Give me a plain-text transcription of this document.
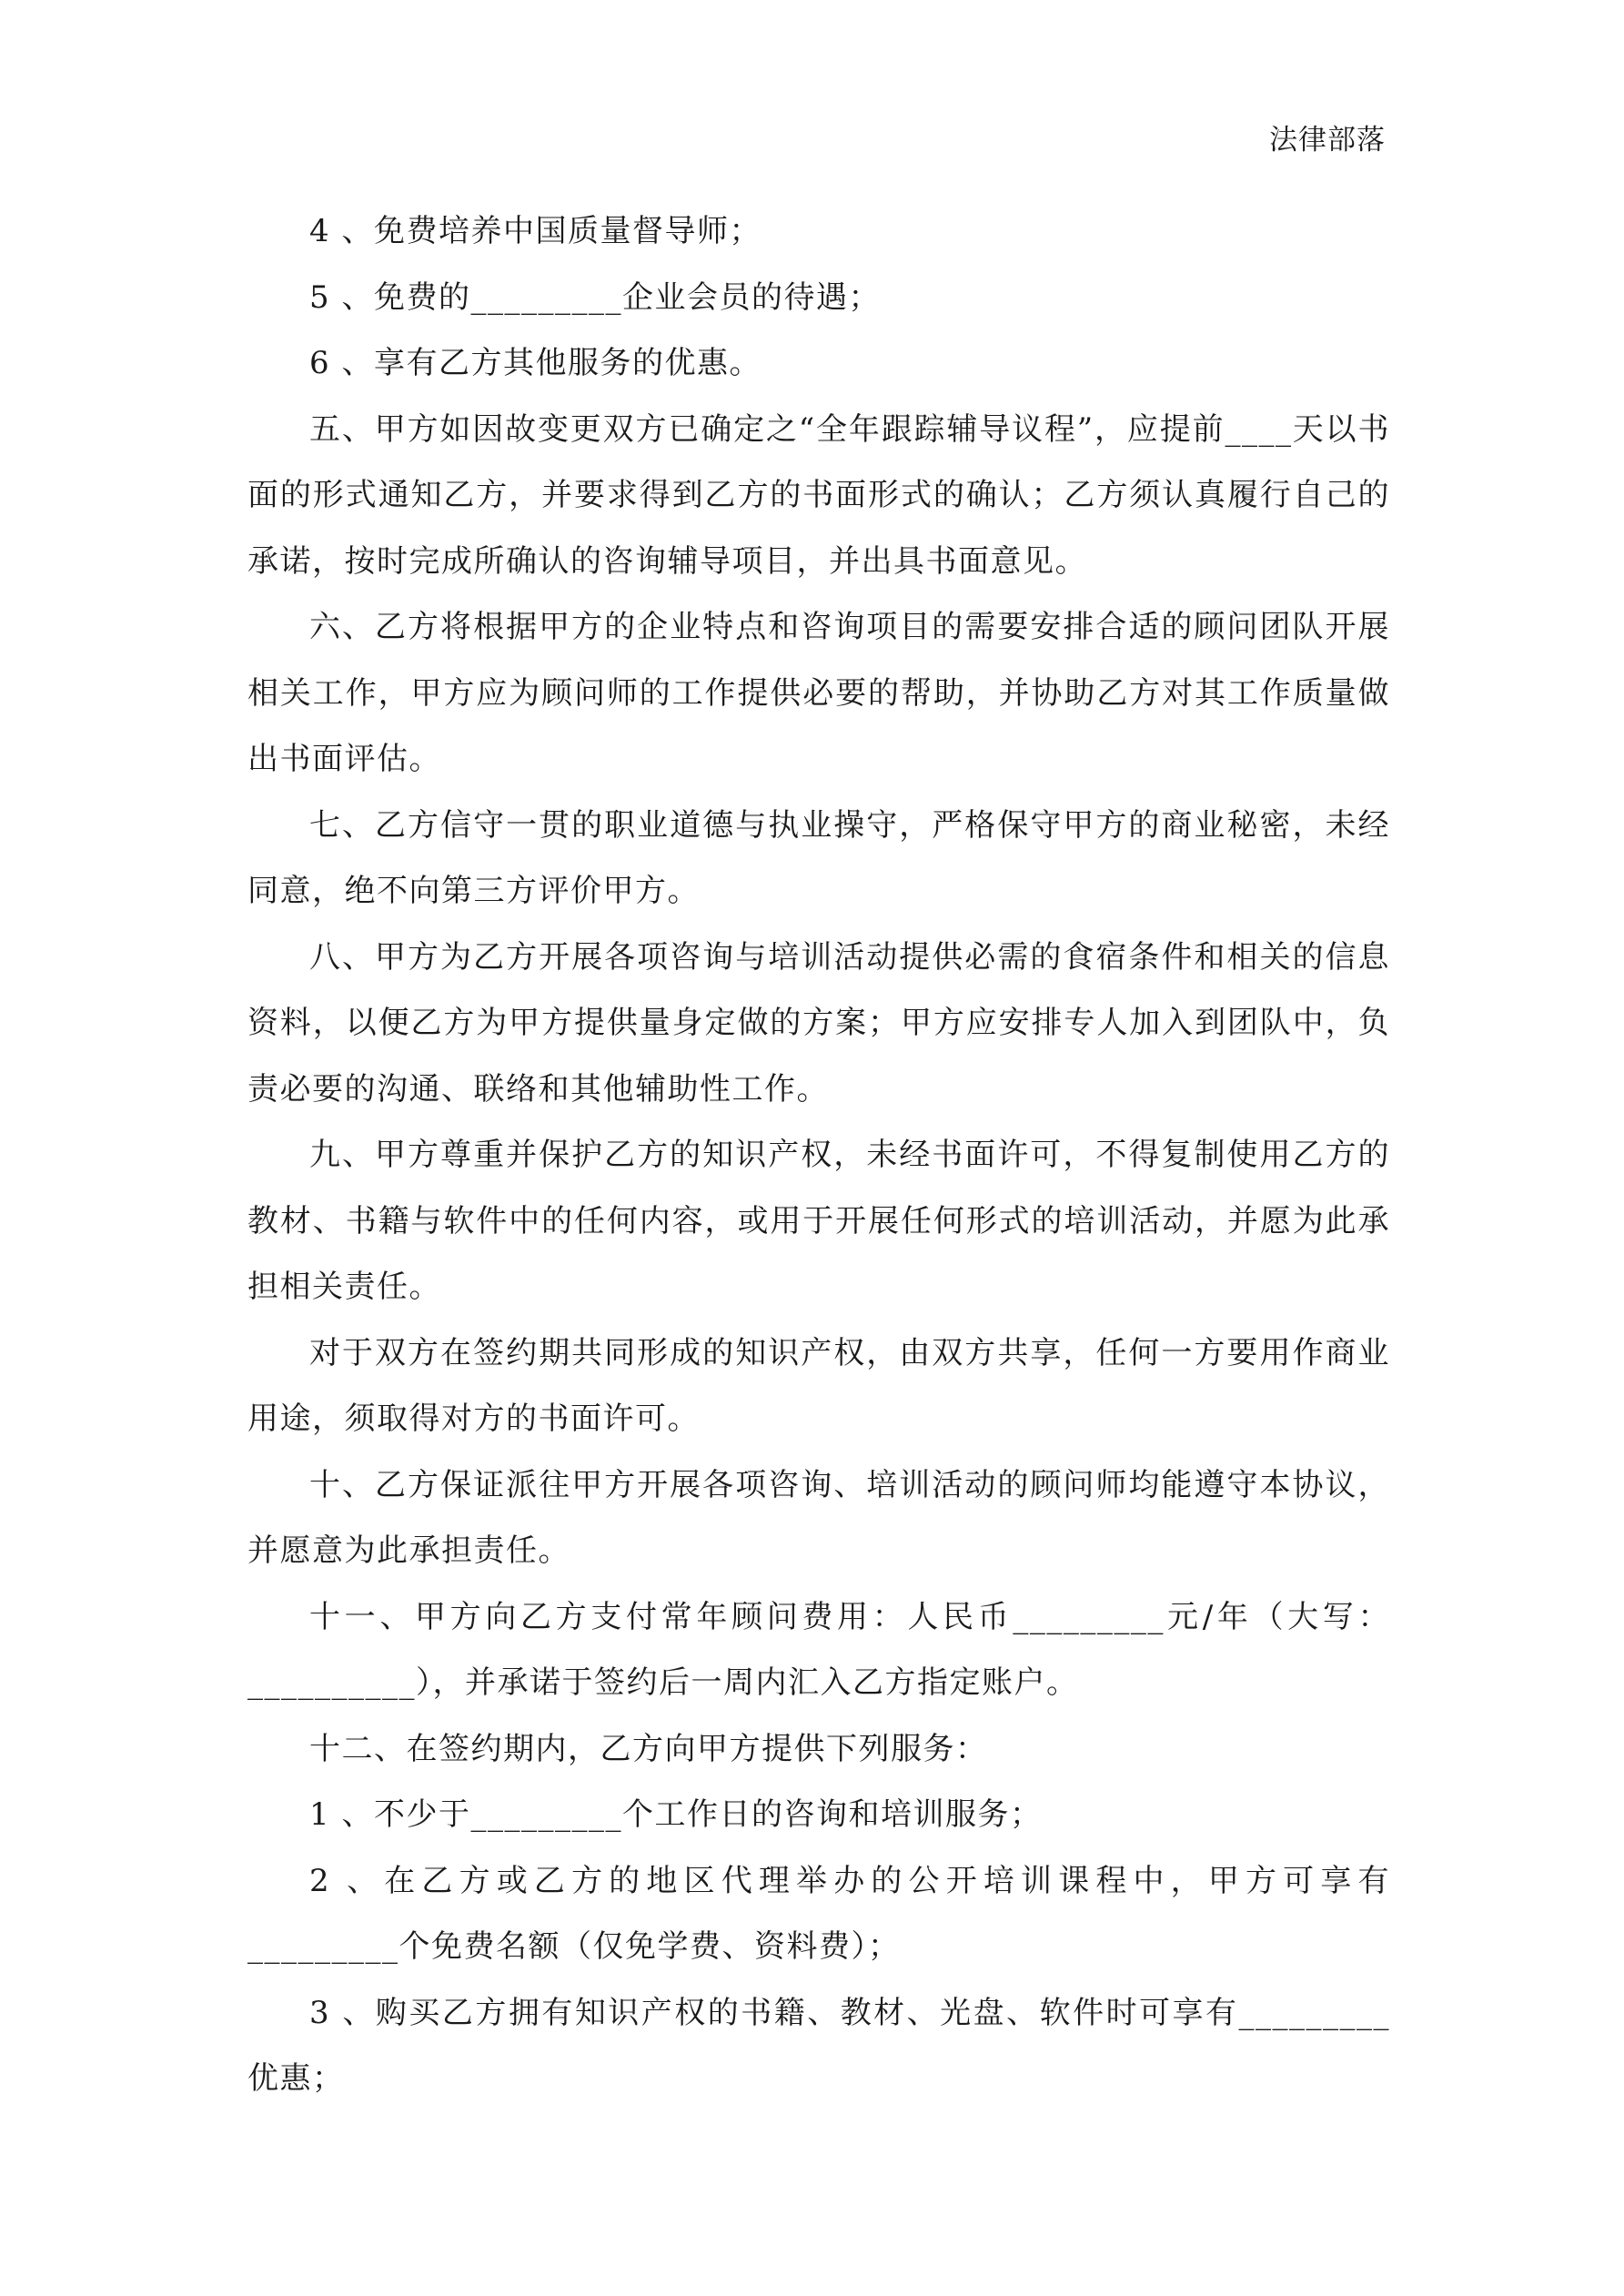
法律部落

4 、免费培养中国质量督导师；

5 、免费的_________企业会员的待遇；

6 、享有乙方其他服务的优惠。

五、甲方如因故变更双方已确定之“全年跟踪辅导议程”，应提前____天以书面的形式通知乙方，并要求得到乙方的书面形式的确认；乙方须认真履行自己的承诺，按时完成所确认的咨询辅导项目，并出具书面意见。

六、乙方将根据甲方的企业特点和咨询项目的需要安排合适的顾问团队开展相关工作，甲方应为顾问师的工作提供必要的帮助，并协助乙方对其工作质量做出书面评估。

七、乙方信守一贯的职业道德与执业操守，严格保守甲方的商业秘密，未经同意，绝不向第三方评价甲方。

八、甲方为乙方开展各项咨询与培训活动提供必需的食宿条件和相关的信息资料，以便乙方为甲方提供量身定做的方案；甲方应安排专人加入到团队中，负责必要的沟通、联络和其他辅助性工作。

九、甲方尊重并保护乙方的知识产权，未经书面许可，不得复制使用乙方的教材、书籍与软件中的任何内容，或用于开展任何形式的培训活动，并愿为此承担相关责任。

对于双方在签约期共同形成的知识产权，由双方共享，任何一方要用作商业用途，须取得对方的书面许可。

十、乙方保证派往甲方开展各项咨询、培训活动的顾问师均能遵守本协议，并愿意为此承担责任。

十一、甲方向乙方支付常年顾问费用：人民币_________元/年（大写：__________），并承诺于签约后一周内汇入乙方指定账户。

十二、在签约期内，乙方向甲方提供下列服务：

1 、不少于_________个工作日的咨询和培训服务；

2 、在乙方或乙方的地区代理举办的公开培训课程中，甲方可享有_________个免费名额（仅免学费、资料费）；

3 、购买乙方拥有知识产权的书籍、教材、光盘、软件时可享有_________优惠；
